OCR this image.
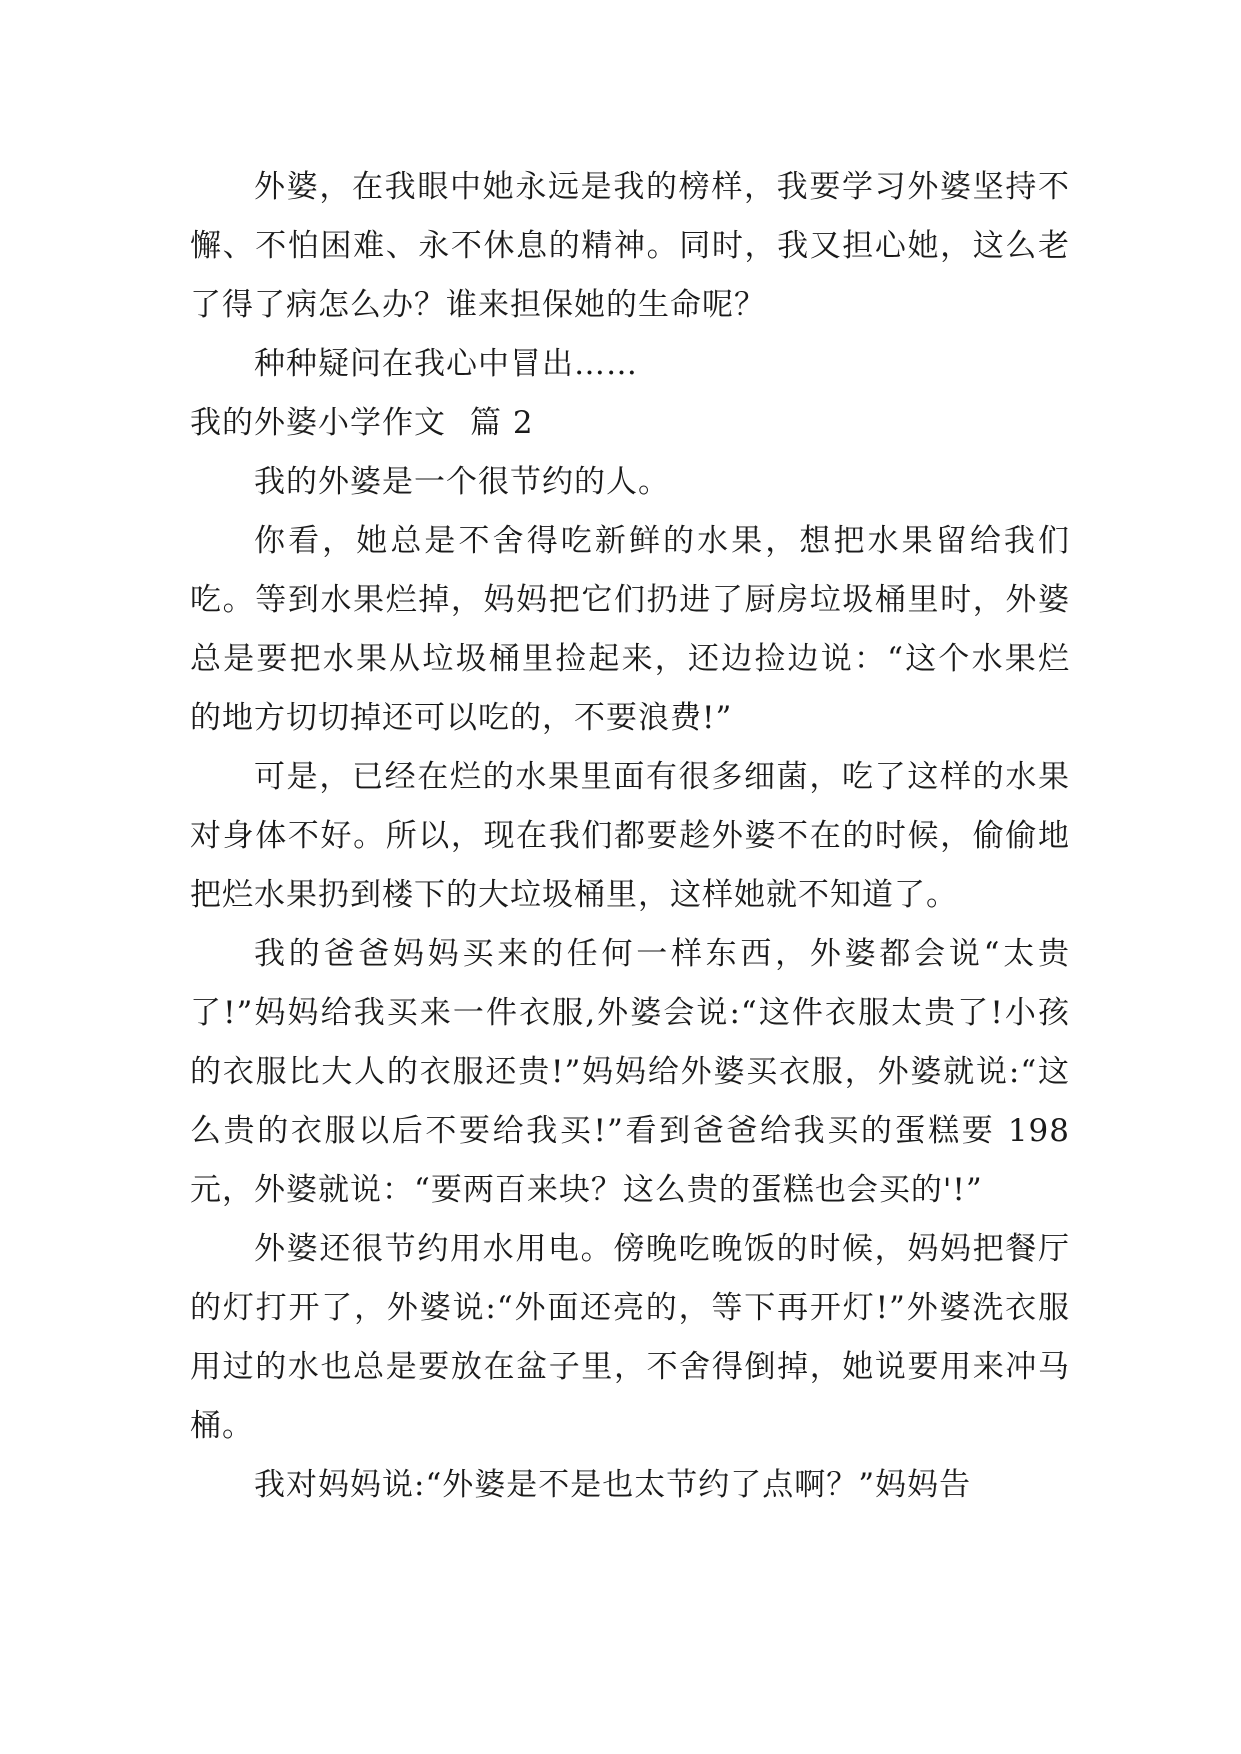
外婆，在我眼中她永远是我的榜样，我要学习外婆坚持不懈、不怕困难、永不休息的精神。同时，我又担心她，这么老了得了病怎么办？谁来担保她的生命呢？

种种疑问在我心中冒出……

我的外婆小学作文 篇 2

我的外婆是一个很节约的人。

你看，她总是不舍得吃新鲜的水果，想把水果留给我们吃。等到水果烂掉，妈妈把它们扔进了厨房垃圾桶里时，外婆总是要把水果从垃圾桶里捡起来，还边捡边说：“这个水果烂的地方切切掉还可以吃的，不要浪费!”

可是，已经在烂的水果里面有很多细菌，吃了这样的水果对身体不好。所以，现在我们都要趁外婆不在的时候，偷偷地把烂水果扔到楼下的大垃圾桶里，这样她就不知道了。

我的爸爸妈妈买来的任何一样东西，外婆都会说“太贵了!”妈妈给我买来一件衣服,外婆会说:“这件衣服太贵了!小孩的衣服比大人的衣服还贵!”妈妈给外婆买衣服，外婆就说:“这么贵的衣服以后不要给我买!”看到爸爸给我买的蛋糕要 198 元，外婆就说：“要两百来块？这么贵的蛋糕也会买的'!”

外婆还很节约用水用电。傍晚吃晚饭的时候，妈妈把餐厅的灯打开了，外婆说:“外面还亮的，等下再开灯!”外婆洗衣服用过的水也总是要放在盆子里，不舍得倒掉，她说要用来冲马桶。

我对妈妈说:“外婆是不是也太节约了点啊？”妈妈告
